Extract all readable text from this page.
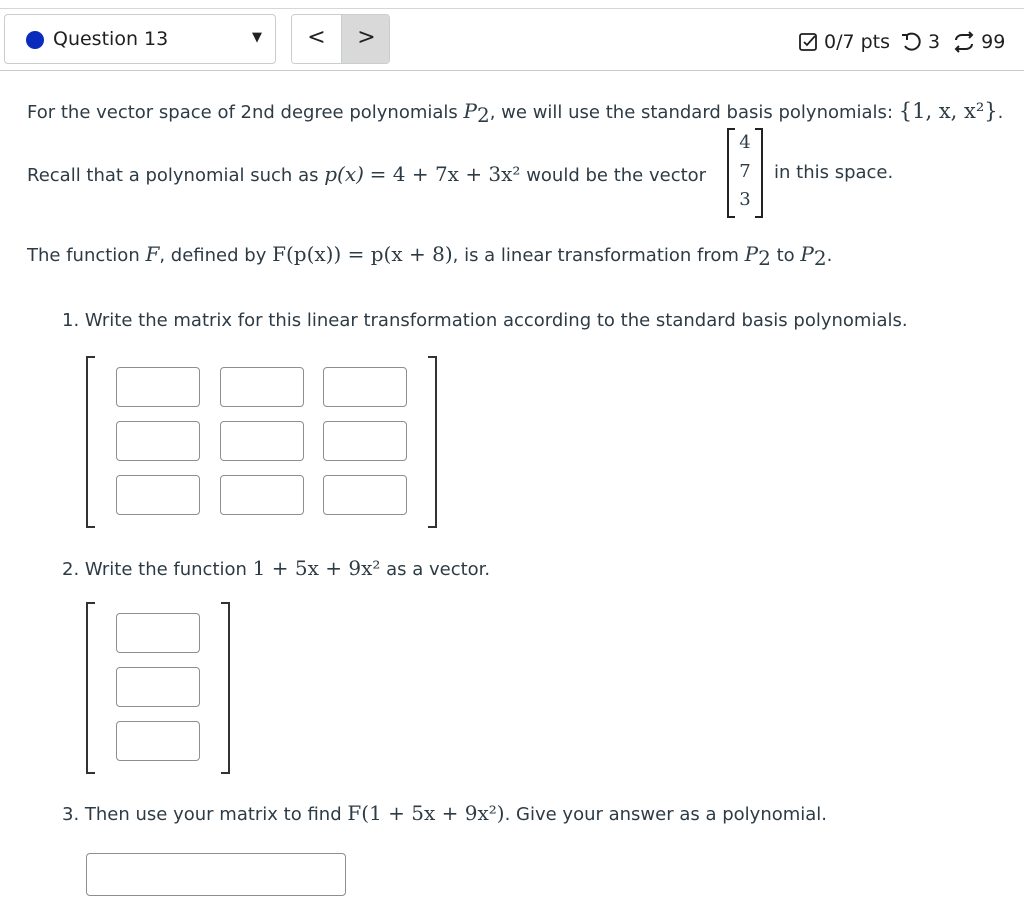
Question 13	▼	<	>	0/7 pts 3 99
For the vector space of 2nd degree polynomials $P_2$, we will use the standard basis polynomials: {1, x, x²}.
Recall that a polynomial such as p(x) = 4 + 7x + 3x² would be the vector
4
7
3
in this space.
The function F, defined by F(p(x)) = p(x + 8), is a linear transformation from $P_2$ to $P_2$.
1. Write the matrix for this linear transformation according to the standard basis polynomials.
2. Write the function 1 + 5x + 9x² as a vector.
3. Then use your matrix to find F(1 + 5x + 9x²). Give your answer as a polynomial.
